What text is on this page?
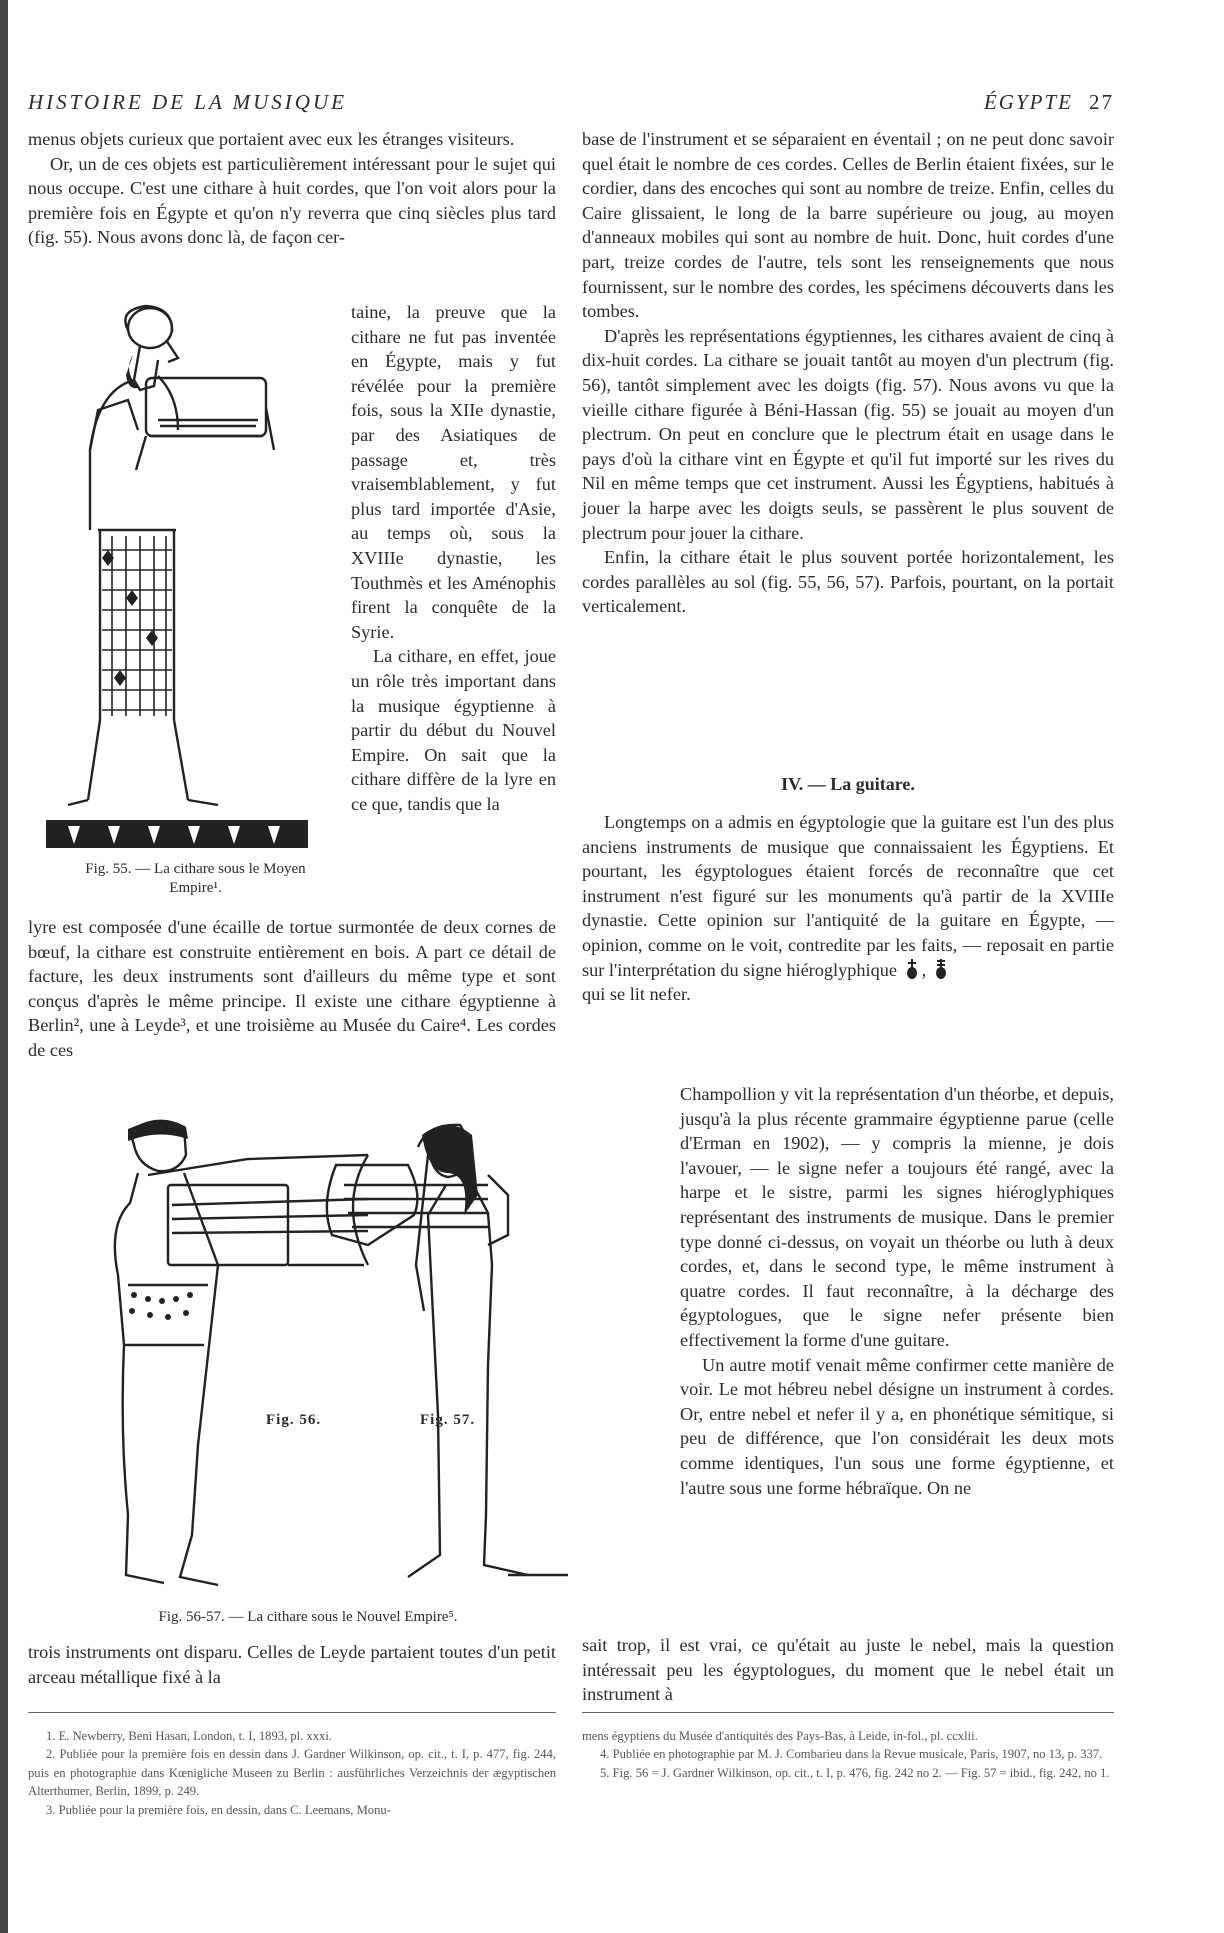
HISTOIRE DE LA MUSIQUE	ÉGYPTE 27

menus objets curieux que portaient avec eux les étranges visiteurs.

Or, un de ces objets est particulièrement intéressant pour le sujet qui nous occupe. C'est une cithare à huit cordes, que l'on voit alors pour la première fois en Égypte et qu'on n'y reverra que cinq siècles plus tard (fig. 55). Nous avons donc là, de façon cer-

taine, la preuve que la cithare ne fut pas inventée en Égypte, mais y fut révélée pour la première fois, sous la XIIe dynastie, par des Asiatiques de passage et, très vraisemblablement, y fut plus tard importée d'Asie, au temps où, sous la XVIIIe dynastie, les Touthmès et les Aménophis firent la conquête de la Syrie.

La cithare, en effet, joue un rôle très important dans la musique égyptienne à partir du début du Nouvel Empire. On sait que la cithare diffère de la lyre en ce que, tandis que la

Fig. 55. — La cithare sous le Moyen Empire¹.

lyre est composée d'une écaille de tortue surmontée de deux cornes de bœuf, la cithare est construite entièrement en bois. A part ce détail de facture, les deux instruments sont d'ailleurs du même type et sont conçus d'après le même principe. Il existe une cithare égyptienne à Berlin², une à Leyde³, et une troisième au Musée du Caire⁴. Les cordes de ces

Fig. 56.	Fig. 57.
Fig. 56-57. — La cithare sous le Nouvel Empire⁵.

trois instruments ont disparu. Celles de Leyde partaient toutes d'un petit arceau métallique fixé à la

base de l'instrument et se séparaient en éventail ; on ne peut donc savoir quel était le nombre de ces cordes. Celles de Berlin étaient fixées, sur le cordier, dans des encoches qui sont au nombre de treize. Enfin, celles du Caire glissaient, le long de la barre supérieure ou joug, au moyen d'anneaux mobiles qui sont au nombre de huit. Donc, huit cordes d'une part, treize cordes de l'autre, tels sont les renseignements que nous fournissent, sur le nombre des cordes, les spécimens découverts dans les tombes.

D'après les représentations égyptiennes, les cithares avaient de cinq à dix-huit cordes. La cithare se jouait tantôt au moyen d'un plectrum (fig. 56), tantôt simplement avec les doigts (fig. 57). Nous avons vu que la vieille cithare figurée à Béni-Hassan (fig. 55) se jouait au moyen d'un plectrum. On peut en conclure que le plectrum était en usage dans le pays d'où la cithare vint en Égypte et qu'il fut importé sur les rives du Nil en même temps que cet instrument. Aussi les Égyptiens, habitués à jouer la harpe avec les doigts seuls, se passèrent le plus souvent de plectrum pour jouer la cithare.

Enfin, la cithare était le plus souvent portée horizontalement, les cordes parallèles au sol (fig. 55, 56, 57). Parfois, pourtant, on la portait verticalement.

IV. — La guitare.

Longtemps on a admis en égyptologie que la guitare est l'un des plus anciens instruments de musique que connaissaient les Égyptiens. Et pourtant, les égyptologues étaient forcés de reconnaître que cet instrument n'est figuré sur les monuments qu'à partir de la XVIIIe dynastie. Cette opinion sur l'antiquité de la guitare en Égypte, — opinion, comme on le voit, contredite par les faits, — reposait en partie sur l'interprétation du signe hiéroglyphique ,
qui se lit nefer.

Champollion y vit la représentation d'un théorbe, et depuis, jusqu'à la plus récente grammaire égyptienne parue (celle d'Erman en 1902), — y compris la mienne, je dois l'avouer, — le signe nefer a toujours été rangé, avec la harpe et le sistre, parmi les signes hiéroglyphiques représentant des instruments de musique. Dans le premier type donné ci-dessus, on voyait un théorbe ou luth à deux cordes, et, dans le second type, le même instrument à quatre cordes. Il faut reconnaître, à la décharge des égyptologues, que le signe nefer présente bien effectivement la forme d'une guitare.

Un autre motif venait même confirmer cette manière de voir. Le mot hébreu nebel désigne un instrument à cordes. Or, entre nebel et nefer il y a, en phonétique sémitique, si peu de différence, que l'on considérait les deux mots comme identiques, l'un sous une forme égyptienne, et l'autre sous une forme hébraïque. On ne

sait trop, il est vrai, ce qu'était au juste le nebel, mais la question intéressait peu les égyptologues, du moment que le nebel était un instrument à

1. E. Newberry, Beni Hasan, London, t. I, 1893, pl. xxxi.

2. Publiée pour la première fois en dessin dans J. Gardner Wilkinson, op. cit., t. I, p. 477, fig. 244, puis en photographie dans Kœnigliche Museen zu Berlin : ausführliches Verzeichnis der ægyptischen Alterthumer, Berlin, 1899, p. 249.

3. Publiée pour la première fois, en dessin, dans C. Leemans, Monu-

mens égyptiens du Musée d'antiquités des Pays-Bas, à Leide, in-fol., pl. ccxlii.

4. Publiée en photographie par M. J. Combarieu dans la Revue musicale, Paris, 1907, no 13, p. 337.

5. Fig. 56 = J. Gardner Wilkinson, op. cit., t. I, p. 476, fig. 242 no 2. — Fig. 57 = ibid., fig. 242, no 1.
